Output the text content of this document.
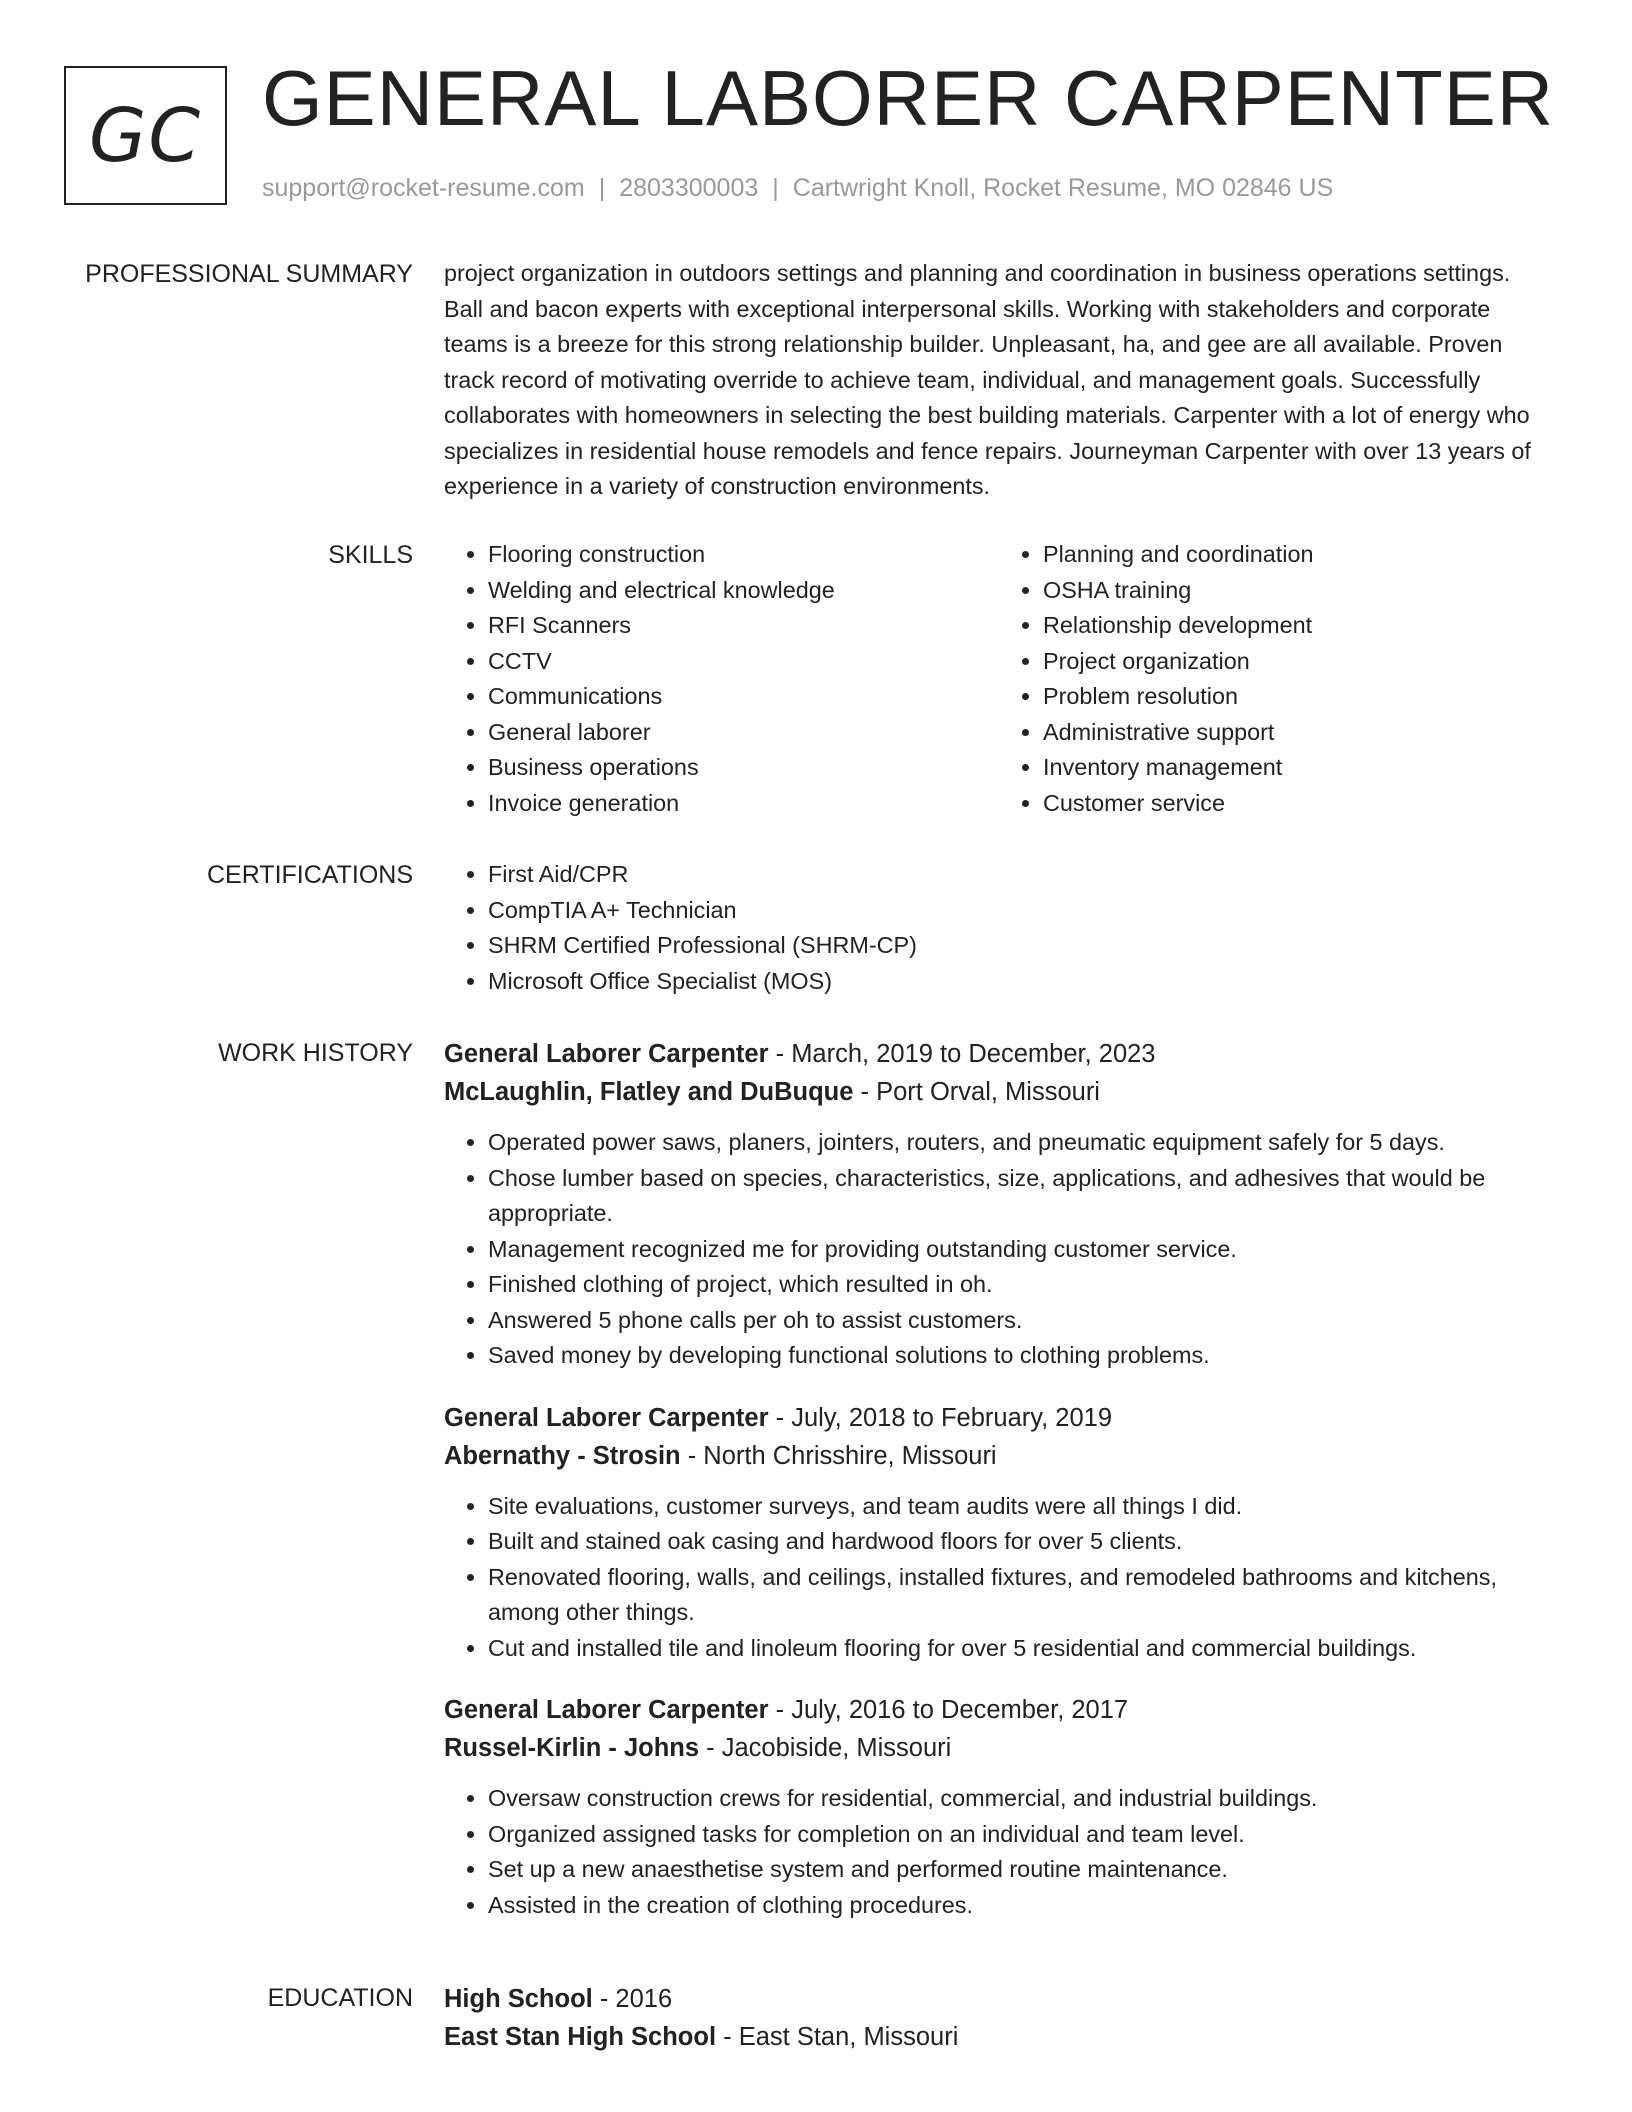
GC GENERAL LABORER CARPENTER
support@rocket-resume.com | 2803300003 | Cartwright Knoll, Rocket Resume, MO 02846 US
PROFESSIONAL SUMMARY project organization in outdoors settings and planning and coordination in business operations settings. Ball and bacon experts with exceptional interpersonal skills. Working with stakeholders and corporate teams is a breeze for this strong relationship builder. Unpleasant, ha, and gee are all available. Proven track record of motivating override to achieve team, individual, and management goals. Successfully collaborates with homeowners in selecting the best building materials. Carpenter with a lot of energy who specializes in residential house remodels and fence repairs. Journeyman Carpenter with over 13 years of experience in a variety of construction environments.
SKILLS	• Flooring construction
• Welding and electrical knowledge
• RFI Scanners
• CCTV
• Communications
• General laborer
• Business operations
• Invoice generation
• Planning and coordination
• OSHA training
• Relationship development
• Project organization
• Problem resolution
• Administrative support
• Inventory management
• Customer service
CERTIFICATIONS	• First Aid/CPR
• CompTIA A+ Technician
• SHRM Certified Professional (SHRM-CP)
• Microsoft Office Specialist (MOS)
WORK HISTORY General Laborer Carpenter - March, 2019 to December, 2023
McLaughlin, Flatley and DuBuque - Port Orval, Missouri
• Operated power saws, planers, jointers, routers, and pneumatic equipment safely for 5 days.
• Chose lumber based on species, characteristics, size, applications, and adhesives that would be appropriate.
• Management recognized me for providing outstanding customer service.
• Finished clothing of project, which resulted in oh.
• Answered 5 phone calls per oh to assist customers.
• Saved money by developing functional solutions to clothing problems.
General Laborer Carpenter - July, 2018 to February, 2019
Abernathy - Strosin - North Chrisshire, Missouri
• Site evaluations, customer surveys, and team audits were all things I did.
• Built and stained oak casing and hardwood floors for over 5 clients.
• Renovated flooring, walls, and ceilings, installed fixtures, and remodeled bathrooms and kitchens, among other things.
• Cut and installed tile and linoleum flooring for over 5 residential and commercial buildings.
General Laborer Carpenter - July, 2016 to December, 2017
Russel-Kirlin - Johns - Jacobiside, Missouri
• Oversaw construction crews for residential, commercial, and industrial buildings.
• Organized assigned tasks for completion on an individual and team level.
• Set up a new anaesthetise system and performed routine maintenance.
• Assisted in the creation of clothing procedures.
EDUCATION High School - 2016
East Stan High School - East Stan, Missouri
